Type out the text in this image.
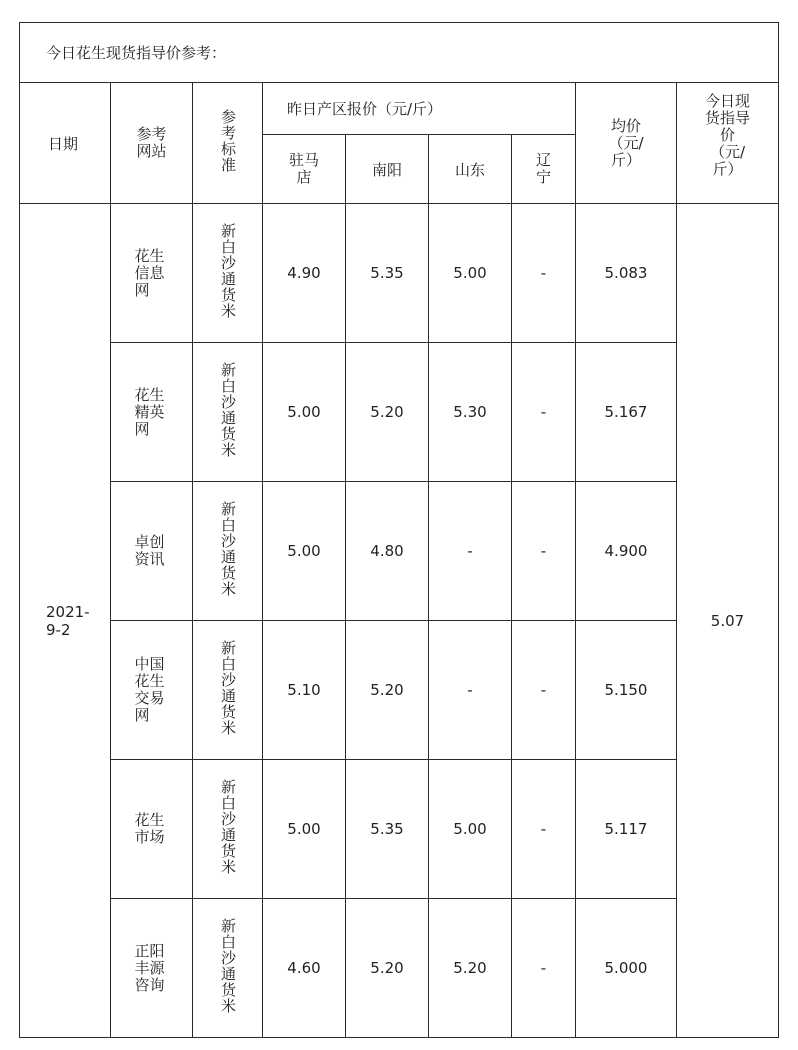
今日花生现货指导价参考：								
日期	参考网站	参考标准	昨日产区报价（元/斤）				均价（元/斤）	今日现货指导价（元/斤）
			驻马店	南阳	山东	辽宁		
2021-9-2	花生信息网	新白沙通货米	4.90	5.35	5.00	-	5.083	5.07
	花生精英网	新白沙通货米	5.00	5.20	5.30	-	5.167	
	卓创资讯	新白沙通货米	5.00	4.80	-	-	4.900	
	中国花生交易网	新白沙通货米	5.10	5.20	-	-	5.150	
	花生市场	新白沙通货米	5.00	5.35	5.00	-	5.117	
	正阳丰源咨询	新白沙通货米	4.60	5.20	5.20	-	5.000	
